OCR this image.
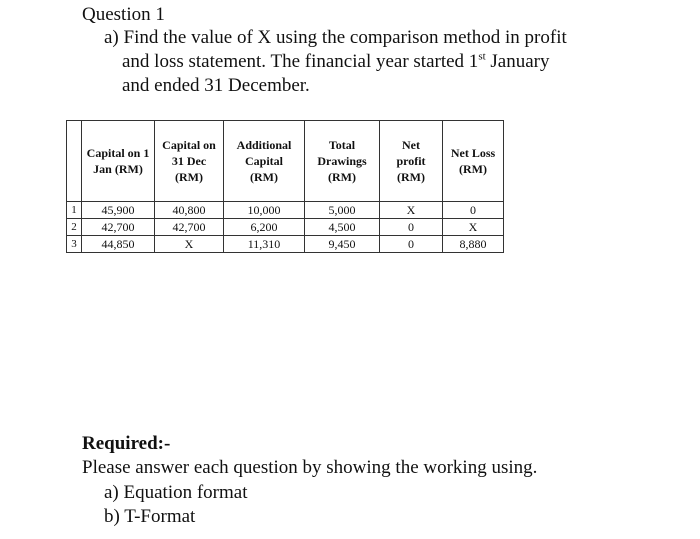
Question 1
a) Find the value of X using the comparison method in profit
and loss statement. The financial year started 1st January
and ended 31 December.
	Capital on 1
Jan (RM)	Capital on
31 Dec
(RM)	Additional
Capital
(RM)	Total
Drawings
(RM)	Net
profit
(RM)	Net Loss
(RM)
1	45,900	40,800	10,000	5,000	X	0
2	42,700	42,700	6,200	4,500	0	X
3	44,850	X	11,310	9,450	0	8,880
Required:-
Please answer each question by showing the working using.
a) Equation format
b) T-Format
